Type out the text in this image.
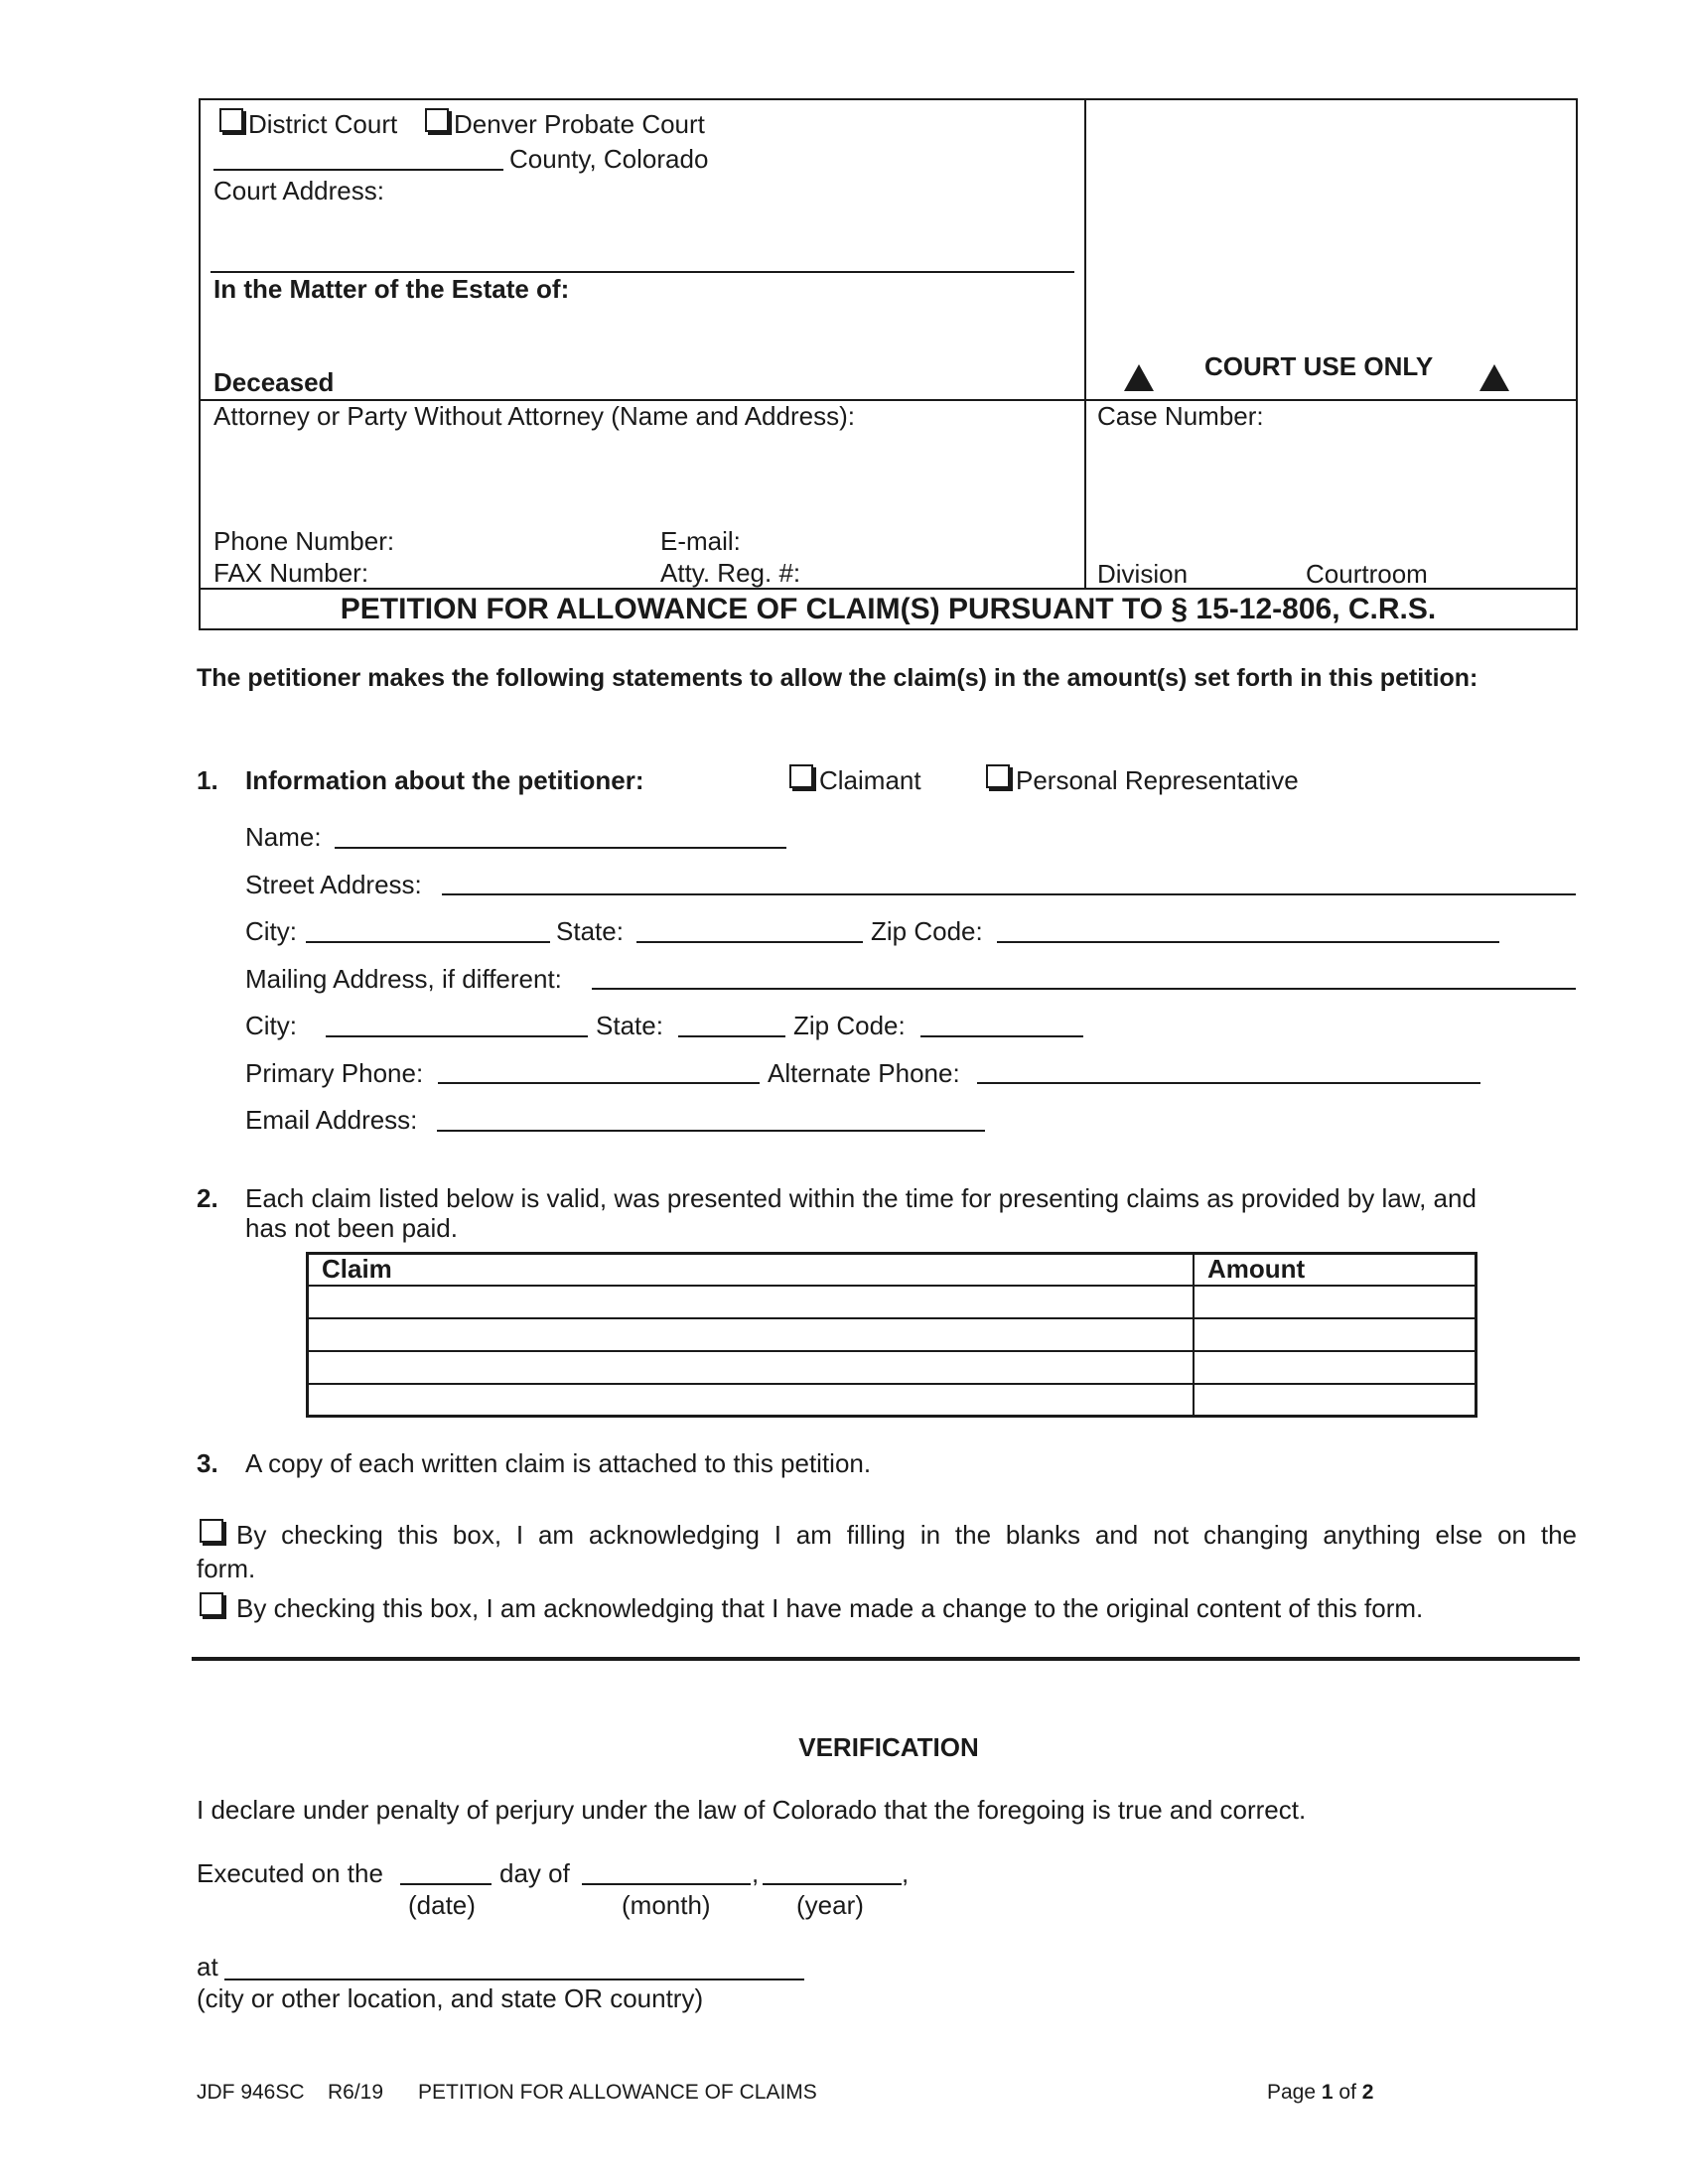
District Court Denver Probate Court
County, Colorado
Court Address:
In the Matter of the Estate of:
Deceased
COURT USE ONLY
Attorney or Party Without Attorney (Name and Address):
Phone Number:	E-mail:
FAX Number:	Atty. Reg. #:
Case Number:
Division	Courtroom
PETITION FOR ALLOWANCE OF CLAIM(S) PURSUANT TO § 15-12-806, C.R.S.
The petitioner makes the following statements to allow the claim(s) in the amount(s) set forth in this petition:
1. Information about the petitioner:	Claimant	Personal Representative
Name:
Street Address:
City:	State:	Zip Code:
Mailing Address, if different:
City:	State:	Zip Code:
Primary Phone:	Alternate Phone:
Email Address:
2. Each claim listed below is valid, was presented within the time for presenting claims as provided by law, and
has not been paid.
Claim	Amount
3. A copy of each written claim is attached to this petition.
By checking this box, I am acknowledging I am filling in the blanks and not changing anything else on the
form.
By checking this box, I am acknowledging that I have made a change to the original content of this form.
VERIFICATION
I declare under penalty of perjury under the law of Colorado that the foregoing is true and correct.
Executed on the	day of	,	,
(date)	(month)	(year)
at
(city or other location, and state OR country)
JDF 946SC R6/19 PETITION FOR ALLOWANCE OF CLAIMS	Page 1 of 2
